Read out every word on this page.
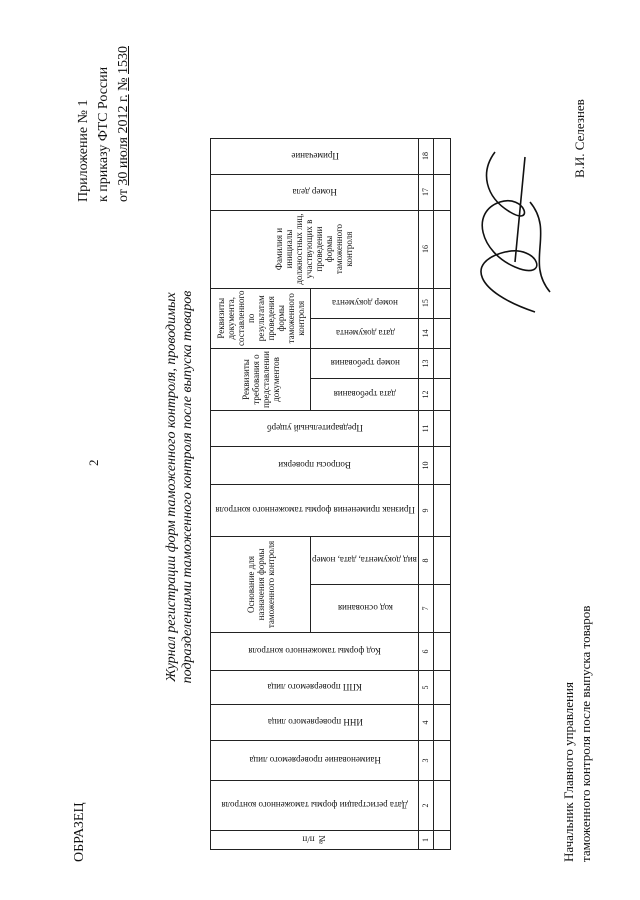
2
ОБРАЗЕЦ
Приложение № 1 к приказу ФТС России от 30 июля 2012 г. № 1530
Журнал регистрации форм таможенного контроля, проводимых подразделениями таможенного контроля после выпуска товаров
№ п/п	Дата регистрации формы таможенного контроля	Наименование проверяемого лица	ИНН проверяемого лица	КПП проверяемого лица	Код формы таможенного контроля	Основание для назначения формы таможенного контроля		Признак применения формы таможенного контроля	Вопросы проверки	Предварительный ущерб	Реквизиты требования о представлении документов		Реквизиты документа, составленного по результатам проведения формы таможенного контроля		Фамилия и инициалы должностных лиц, участвующих в проведении формы таможенного контроля	Номер дела	Примечание
						код основания	вид документа, дата, номер				дата требования	номер требования	дата документа	номер документа			
1	2	3	4	5	6	7	8	9	10	11	12	13	14	15	16	17	18

Начальник Главного управления таможенного контроля после выпуска товаров
В.И. Селезнев
